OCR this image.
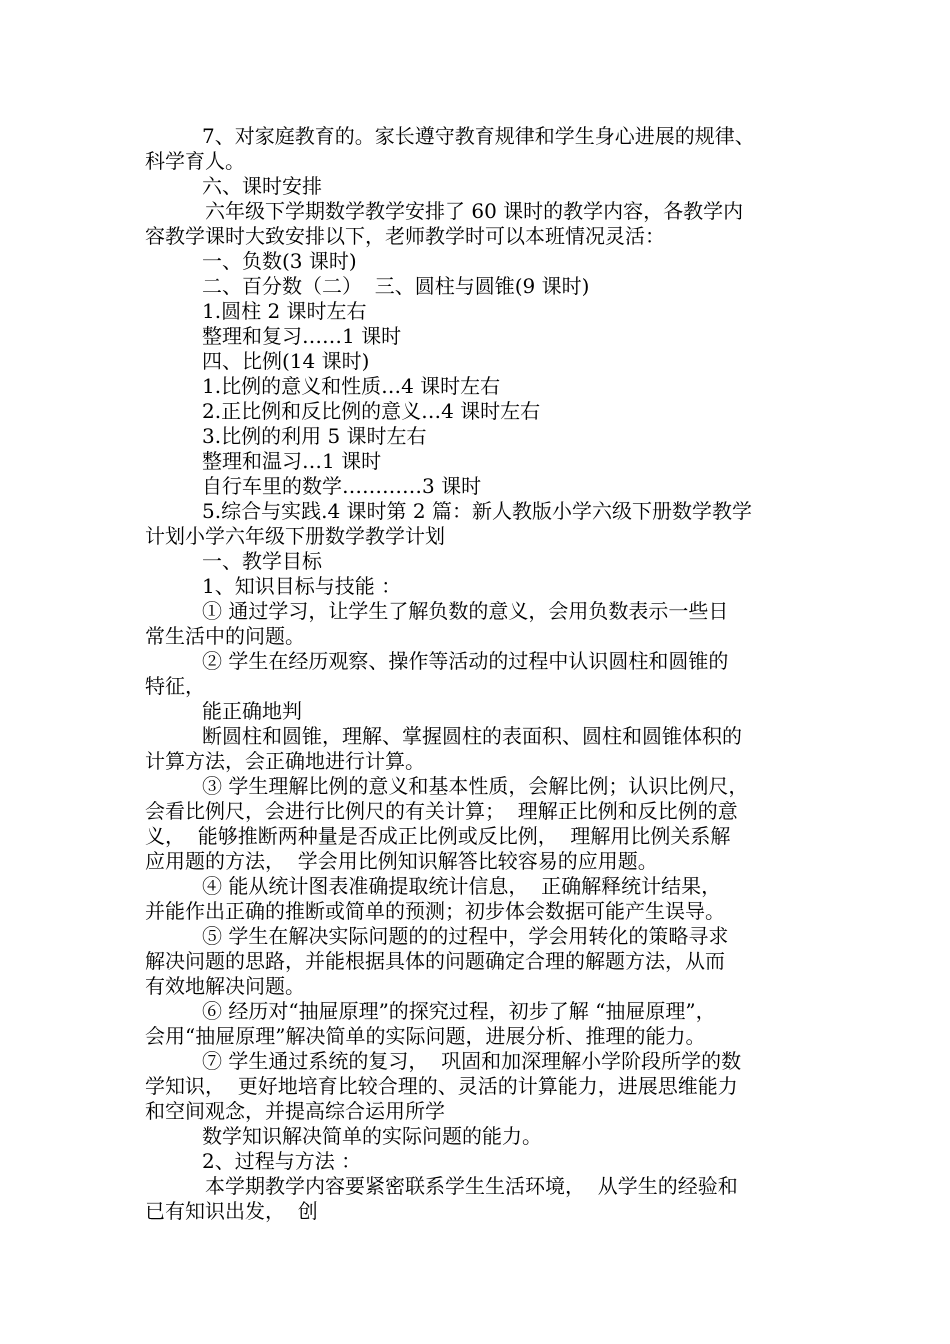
7、对家庭教育的。家长遵守教育规律和学生身心进展的规律、
科学育人。
六、课时安排
六年级下学期数学教学安排了 60 课时的教学内容，各教学内
容教学课时大致安排以下，老师教学时可以本班情况灵活：
一、负数(3 课时)
二、百分数（二）  三、圆柱与圆锥(9 课时)
1.圆柱 2 课时左右
整理和复习……1 课时
四、比例(14 课时)
1.比例的意义和性质…4 课时左右
2.正比例和反比例的意义…4 课时左右
3.比例的利用 5 课时左右
整理和温习…1 课时
自行车里的数学…………3 课时
5.综合与实践.4 课时第 2 篇：新人教版小学六级下册数学教学
计划小学六年级下册数学教学计划
一、教学目标
1、知识目标与技能 ：
① 通过学习，让学生了解负数的意义，会用负数表示一些日
常生活中的问题。
② 学生在经历观察、操作等活动的过程中认识圆柱和圆锥的
特征，
能正确地判
断圆柱和圆锥，理解、掌握圆柱的表面积、圆柱和圆锥体积的
计算方法，会正确地进行计算。
③ 学生理解比例的意义和基本性质，会解比例；认识比例尺，
会看比例尺，会进行比例尺的有关计算；  理解正比例和反比例的意
义，  能够推断两种量是否成正比例或反比例，  理解用比例关系解
应用题的方法，  学会用比例知识解答比较容易的应用题。
④ 能从统计图表准确提取统计信息，  正确解释统计结果，
并能作出正确的推断或简单的预测；初步体会数据可能产生误导。
⑤ 学生在解决实际问题的的过程中，学会用转化的策略寻求
解决问题的思路，并能根据具体的问题确定合理的解题方法，从而
有效地解决问题。
⑥ 经历对“抽屉原理”的探究过程，初步了解 “抽屉原理”，
会用“抽屉原理”解决简单的实际问题，进展分析、推理的能力。
⑦ 学生通过系统的复习，  巩固和加深理解小学阶段所学的数
学知识，  更好地培育比较合理的、灵活的计算能力，进展思维能力
和空间观念，并提高综合运用所学
数学知识解决简单的实际问题的能力。
2、过程与方法 ：
本学期教学内容要紧密联系学生生活环境，  从学生的经验和
已有知识出发，  创
